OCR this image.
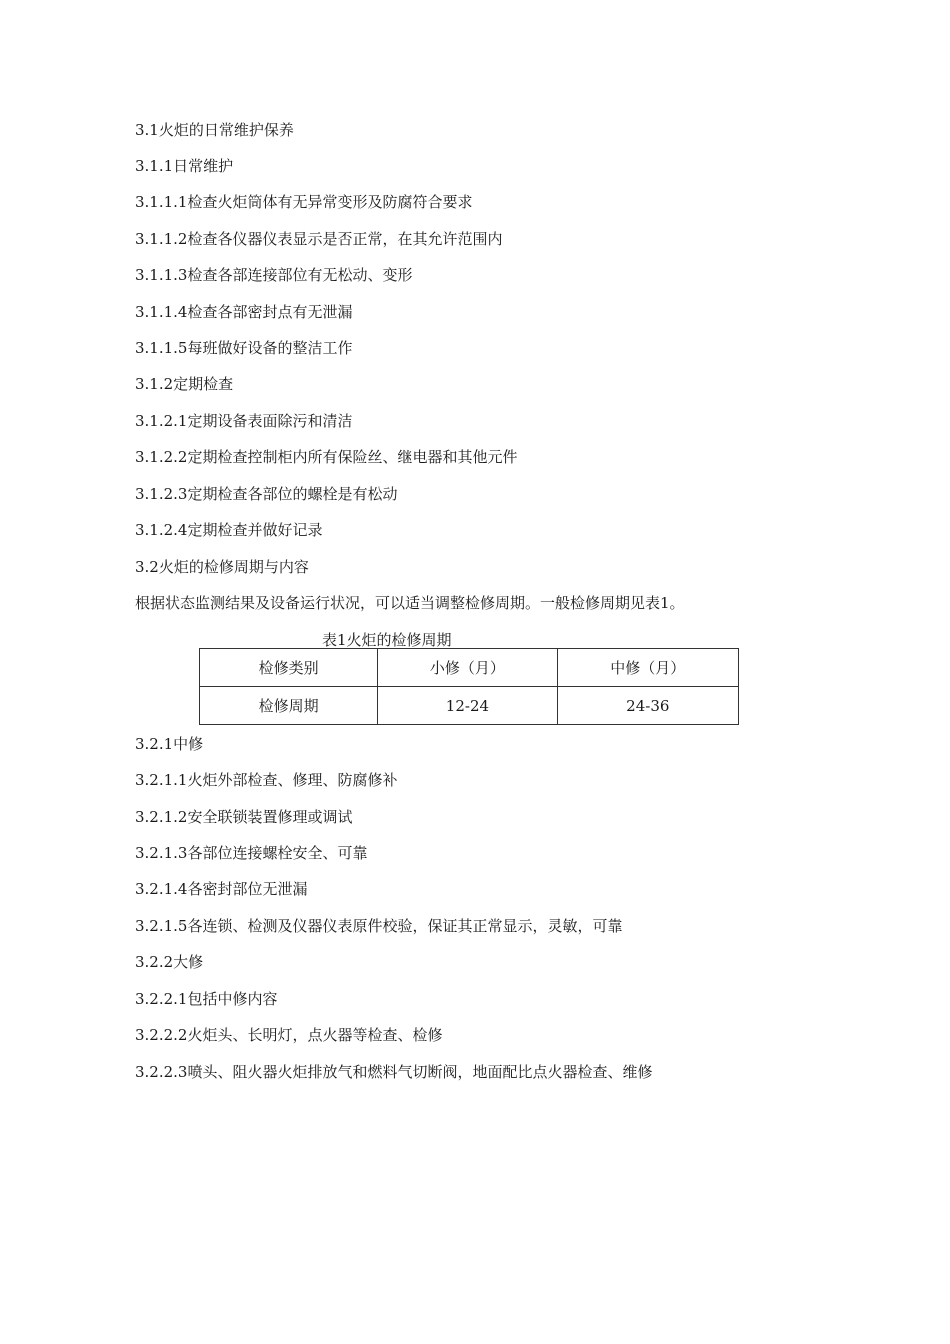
3.1火炬的日常维护保养
3.1.1日常维护
3.1.1.1检查火炬筒体有无异常变形及防腐符合要求
3.1.1.2检查各仪器仪表显示是否正常，在其允许范围内
3.1.1.3检查各部连接部位有无松动、变形
3.1.1.4检查各部密封点有无泄漏
3.1.1.5每班做好设备的整洁工作
3.1.2定期检查
3.1.2.1定期设备表面除污和清洁
3.1.2.2定期检查控制柜内所有保险丝、继电器和其他元件
3.1.2.3定期检查各部位的螺栓是有松动
3.1.2.4定期检查并做好记录
3.2火炬的检修周期与内容
根据状态监测结果及设备运行状况，可以适当调整检修周期。一般检修周期见表1。
表1火炬的检修周期
检修类别	小修（月）	中修（月）
检修周期	12-24	24-36
3.2.1中修
3.2.1.1火炬外部检查、修理、防腐修补
3.2.1.2安全联锁装置修理或调试
3.2.1.3各部位连接螺栓安全、可靠
3.2.1.4各密封部位无泄漏
3.2.1.5各连锁、检测及仪器仪表原件校验，保证其正常显示，灵敏，可靠
3.2.2大修
3.2.2.1包括中修内容
3.2.2.2火炬头、长明灯，点火器等检查、检修
3.2.2.3喷头、阻火器火炬排放气和燃料气切断阀，地面配比点火器检查、维修
